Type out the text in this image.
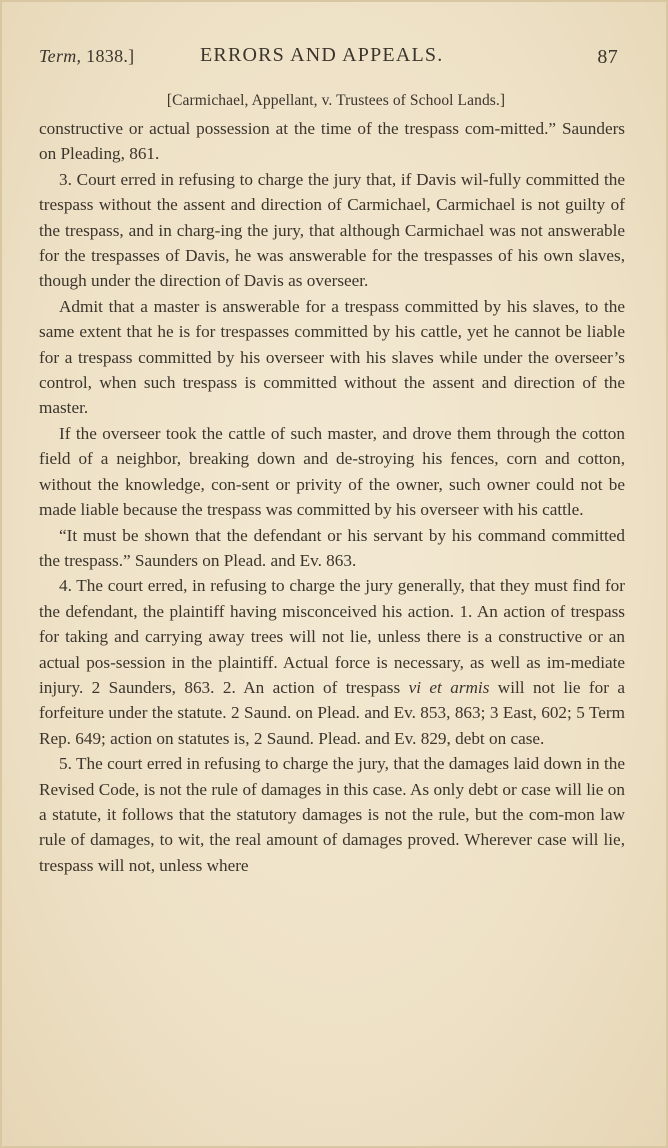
Term, 1838.]	ERRORS AND APPEALS.	87
[Carmichael, Appellant, v. Trustees of School Lands.]

constructive or actual possession at the time of the trespass com-mitted.” Saunders on Pleading, 861.

3. Court erred in refusing to charge the jury that, if Davis wil-fully committed the trespass without the assent and direction of Carmichael, Carmichael is not guilty of the trespass, and in charg-ing the jury, that although Carmichael was not answerable for the trespasses of Davis, he was answerable for the trespasses of his own slaves, though under the direction of Davis as overseer.

Admit that a master is answerable for a trespass committed by his slaves, to the same extent that he is for trespasses committed by his cattle, yet he cannot be liable for a trespass committed by his overseer with his slaves while under the overseer’s control, when such trespass is committed without the assent and direction of the master.

If the overseer took the cattle of such master, and drove them through the cotton field of a neighbor, breaking down and de-stroying his fences, corn and cotton, without the knowledge, con-sent or privity of the owner, such owner could not be made liable because the trespass was committed by his overseer with his cattle.

“It must be shown that the defendant or his servant by his command committed the trespass.” Saunders on Plead. and Ev. 863.

4. The court erred, in refusing to charge the jury generally, that they must find for the defendant, the plaintiff having misconceived his action. 1. An action of trespass for taking and carrying away trees will not lie, unless there is a constructive or an actual pos-session in the plaintiff. Actual force is necessary, as well as im-mediate injury. 2 Saunders, 863. 2. An action of trespass vi et armis will not lie for a forfeiture under the statute. 2 Saund. on Plead. and Ev. 853, 863; 3 East, 602; 5 Term Rep. 649; action on statutes is, 2 Saund. Plead. and Ev. 829, debt on case.

5. The court erred in refusing to charge the jury, that the damages laid down in the Revised Code, is not the rule of damages in this case. As only debt or case will lie on a statute, it follows that the statutory damages is not the rule, but the com-mon law rule of damages, to wit, the real amount of damages proved. Wherever case will lie, trespass will not, unless where
